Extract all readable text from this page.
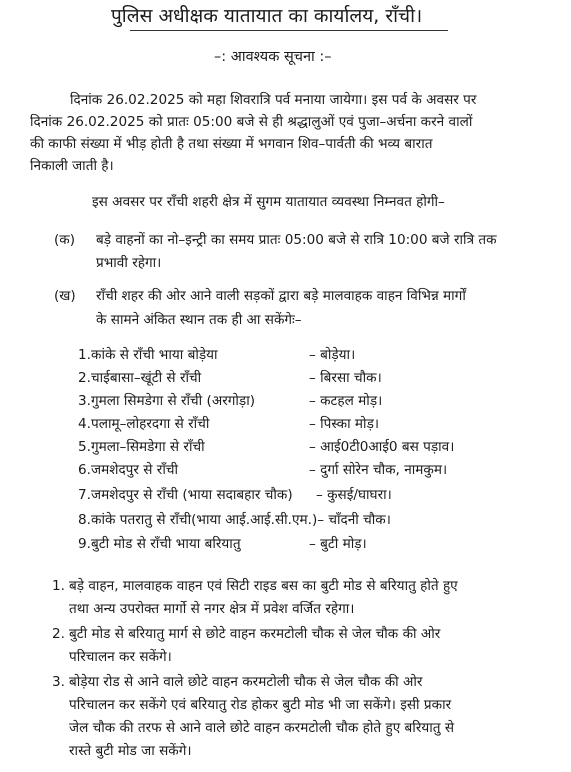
पुलिस अधीक्षक यातायात का कार्यालय, राँची।
–: आवश्यक सूचना :–
दिनांक 26.02.2025 को महा शिवरात्रि पर्व मनाया जायेगा। इस पर्व के अवसर पर
दिनांक 26.02.2025 को प्रातः 05:00 बजे से ही श्रद्धालुओं एवं पुजा–अर्चना करने वालों
की काफी संख्या में भीड़ होती है तथा संख्या में भगवान शिव–पार्वती की भव्य बारात
निकाली जाती है।
इस अवसर पर राँची शहरी क्षेत्र में सुगम यातायात व्यवस्था निम्नवत होगी–
(क) बड़े वाहनों का नो–इन्ट्री का समय प्रातः 05:00 बजे से रात्रि 10:00 बजे रात्रि तक
प्रभावी रहेगा।
(ख) राँची शहर की ओर आने वाली सड़कों द्वारा बड़े मालवाहक वाहन विभिन्न मार्गों
के सामने अंकित स्थान तक ही आ सकेंगेः–
1. कांके से राँची भाया बोड़ेया	– बोड़ेया।
2. चाईबासा–खूंटी से राँची	– बिरसा चौक।
3. गुमला सिमडेगा से राँची (अरगोड़ा)	– कटहल मोड़।
4. पलामू–लोहरदगा से राँची	– पिस्का मोड़।
5. गुमला–सिमडेगा से राँची	– आई0टी0आई0 बस पड़ाव।
6. जमशेदपुर से राँची	– दुर्गा सोरेन चौक, नामकुम।
7. जमशेदपुर से राँची (भाया सदाबहार चौक) – कुसई/घाघरा।
8. कांके पतरातु से राँची(भाया आई.आई.सी.एम.)– चाँदनी चौक।
9. बुटी मोड से राँची भाया बरियातु	– बुटी मोड़।
1. बड़े वाहन, मालवाहक वाहन एवं सिटी राइड बस का बुटी मोड से बरियातु होते हुए
तथा अन्य उपरोक्त मार्गो से नगर क्षेत्र में प्रवेश वर्जित रहेगा।
2. बुटी मोड से बरियातु मार्ग से छोटे वाहन करमटोली चौक से जेल चौक की ओर
परिचालन कर सकेंगे।
3. बोड़ेया रोड से आने वाले छोटे वाहन करमटोली चौक से जेल चौक की ओर
परिचालन कर सकेंगे एवं बरियातु रोड होकर बुटी मोड भी जा सकेंगे। इसी प्रकार
जेल चौक की तरफ से आने वाले छोटे वाहन करमटोली चौक होते हुए बरियातु से
रास्ते बुटी मोड जा सकेंगे।
